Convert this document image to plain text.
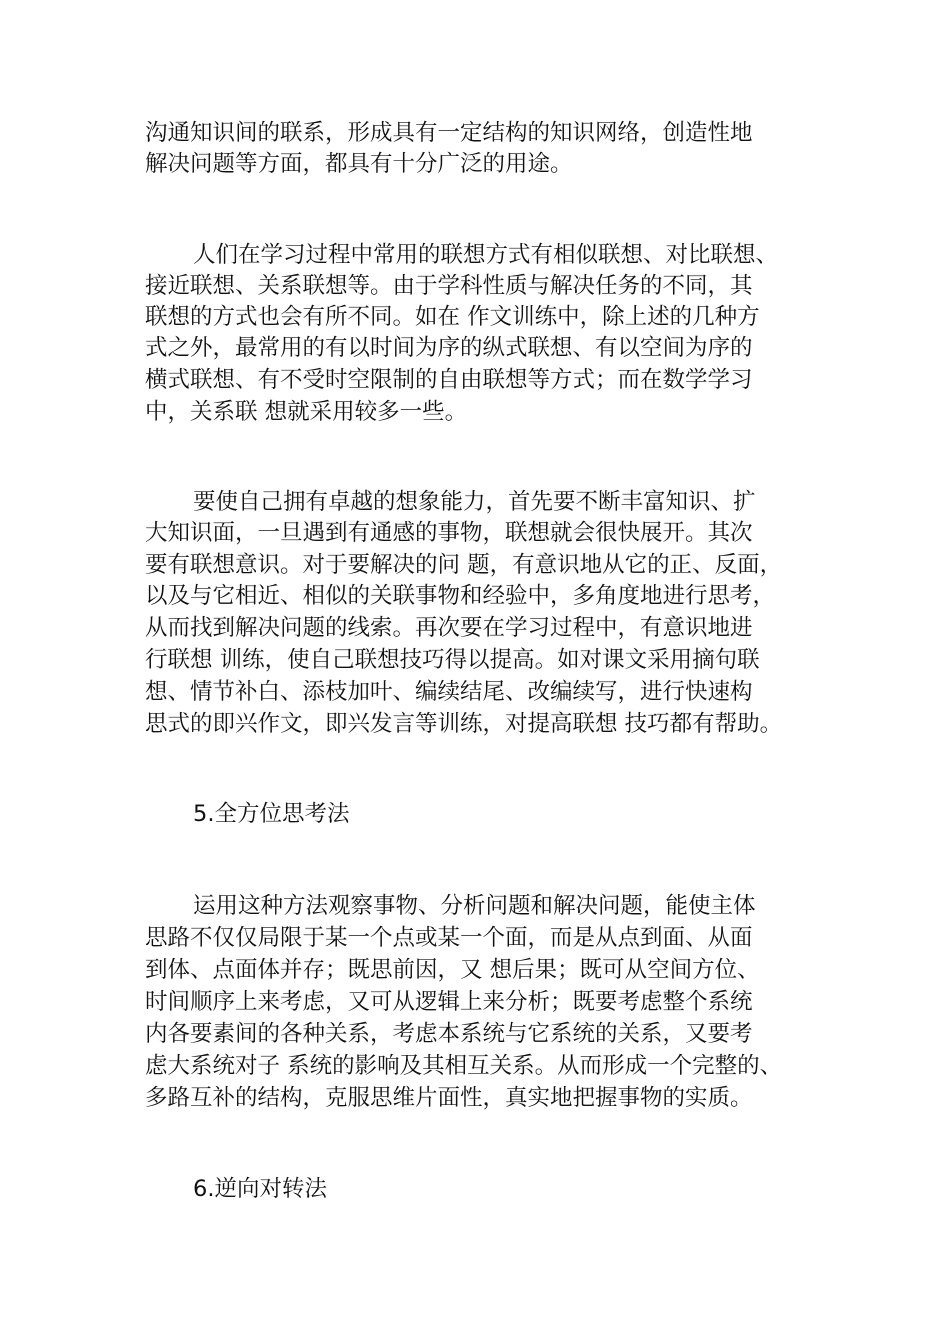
沟通知识间的联系，形成具有一定结构的知识网络，创造性地

解决问题等方面，都具有十分广泛的用途。

人们在学习过程中常用的联想方式有相似联想、对比联想、

接近联想、关系联想等。由于学科性质与解决任务的不同，其

联想的方式也会有所不同。如在 作文训练中，除上述的几种方

式之外，最常用的有以时间为序的纵式联想、有以空间为序的

横式联想、有不受时空限制的自由联想等方式；而在数学学习

中，关系联 想就采用较多一些。

要使自己拥有卓越的想象能力，首先要不断丰富知识、扩

大知识面，一旦遇到有通感的事物，联想就会很快展开。其次

要有联想意识。对于要解决的问 题，有意识地从它的正、反面，

以及与它相近、相似的关联事物和经验中，多角度地进行思考，

从而找到解决问题的线索。再次要在学习过程中，有意识地进

行联想 训练，使自己联想技巧得以提高。如对课文采用摘句联

想、情节补白、添枝加叶、编续结尾、改编续写，进行快速构

思式的即兴作文，即兴发言等训练，对提高联想 技巧都有帮助。

5.全方位思考法

运用这种方法观察事物、分析问题和解决问题，能使主体

思路不仅仅局限于某一个点或某一个面，而是从点到面、从面

到体、点面体并存；既思前因，又 想后果；既可从空间方位、

时间顺序上来考虑，又可从逻辑上来分析；既要考虑整个系统

内各要素间的各种关系，考虑本系统与它系统的关系，又要考

虑大系统对子 系统的影响及其相互关系。从而形成一个完整的、

多路互补的结构，克服思维片面性，真实地把握事物的实质。

6.逆向对转法
